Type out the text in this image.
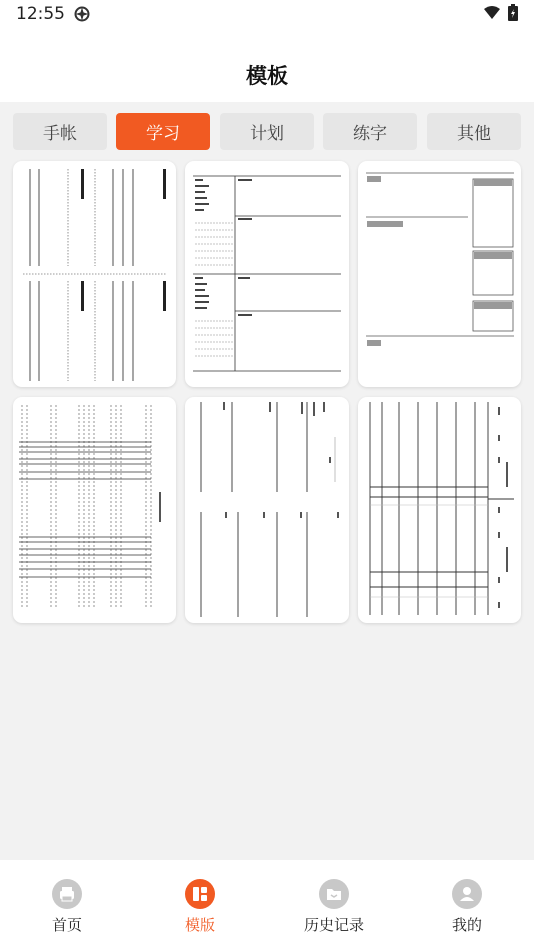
12:55
模板
手帐	学习	计划	练字	其他
首页	模版	历史记录	我的
